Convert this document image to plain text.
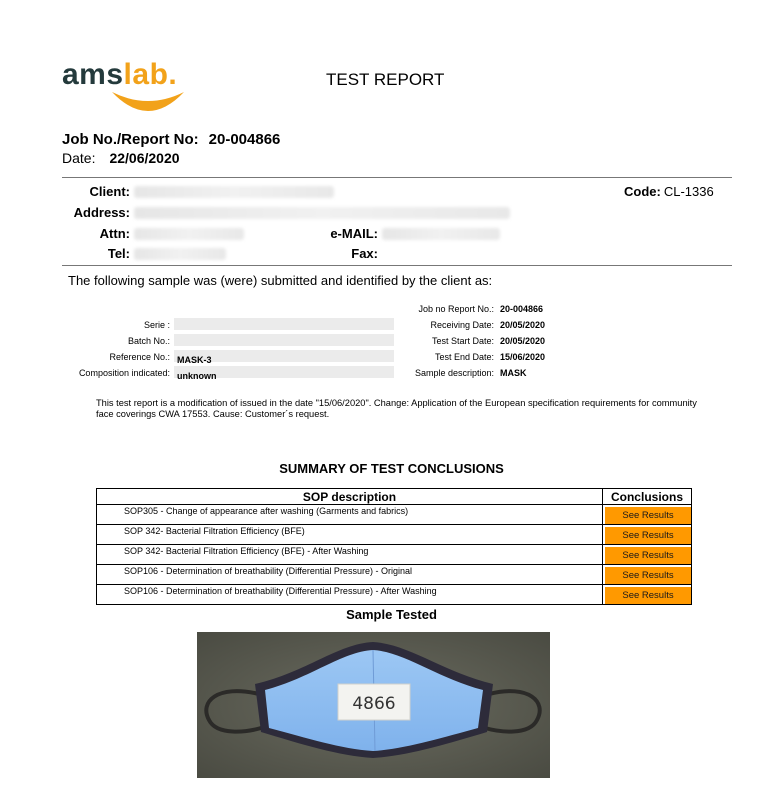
amslab.	TEST REPORT
Job No./Report No: 20-004866
Date: 22/06/2020
Client:	Code: CL-1336
Address:
Attn:	e-MAIL:
Tel:	Fax:
The following sample was (were) submitted and identified by the client as:
Serie :
Batch No.:
Reference No.: MASK-3
Composition indicated: unknown
Job no Report No.: 20-004866
Receiving Date: 20/05/2020
Test Start Date: 20/05/2020
Test End Date: 15/06/2020
Sample description: MASK
This test report is a modification of issued in the date "15/06/2020". Change: Application of the European specification requirements for community face coverings CWA 17553. Cause: Customer´s request.
SUMMARY OF TEST CONCLUSIONS
SOP description	Conclusions
SOP305 - Change of appearance after washing (Garments and fabrics)	See Results

SOP 342- Bacterial Filtration Efficiency (BFE)	See Results

SOP 342- Bacterial Filtration Efficiency (BFE) - After Washing	See Results

SOP106 - Determination of breathability (Differential Pressure) - Original	See Results

SOP106 - Determination of breathability (Differential Pressure) - After Washing	See Results
Sample Tested
4866
